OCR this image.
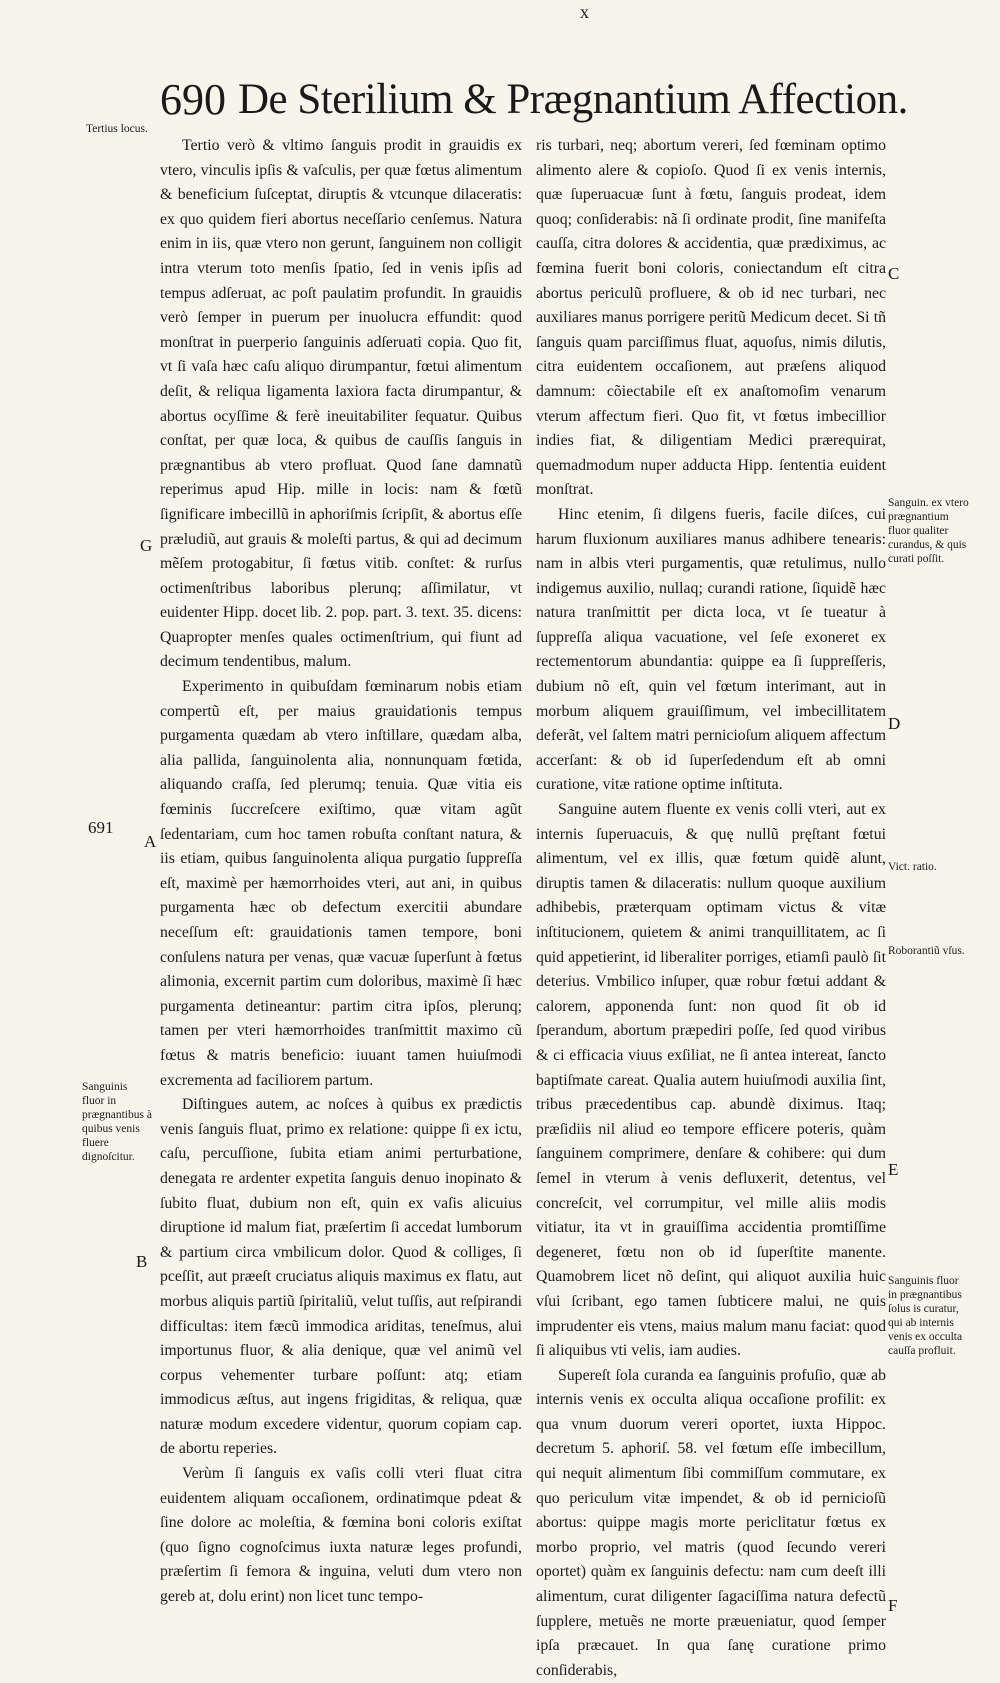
x
690 De Sterilium & Prægnantium Affection.

Tertio verò & vltimo ſanguis prodit in grauidis ex vtero, vinculis ipſis & vaſculis, per quæ fœtus alimentum & beneficium ſuſceptat, diruptis & vtcunque dilaceratis: ex quo quidem fieri abortus neceſſario cenſemus. Natura enim in iis, quæ vtero non gerunt, ſanguinem non colligit intra vterum toto menſis ſpatio, ſed in venis ipſis ad tempus adſeruat, ac poſt paulatim profundit. In grauidis verò ſemper in puerum per inuolucra effundit: quod monſtrat in puerperio ſanguinis adſeruati copia. Quo fit, vt ſi vaſa hæc caſu aliquo dirumpantur, fœtui alimentum deſit, & reliqua ligamenta laxiora facta dirumpantur, & abortus ocyſſime & ferè ineuitabiliter ſequatur. Quibus conſtat, per quæ loca, & quibus de cauſſis ſanguis in prægnantibus ab vtero profluat. Quod ſane damnatũ reperimus apud Hip. mille in locis: nam & fœtũ ſignificare imbecillũ in aphoriſmis ſcripſit, & abortus eſſe præludiũ, aut grauis & moleſti partus, & qui ad decimum mẽſem protogabitur, ſi fœtus vitib. conſtet: & rurſus octimenſtribus laboribus plerunq; aſſimilatur, vt euidenter Hipp. docet lib. 2. pop. part. 3. text. 35. dicens: Quapropter menſes quales octimenſtrium, qui fiunt ad decimum tendentibus, malum.

Experimento in quibuſdam fœminarum nobis etiam compertũ eſt, per maius grauidationis tempus purgamenta quædam ab vtero inſtillare, quædam alba, alia pallida, ſanguinolenta alia, nonnunquam fœtida, aliquando craſſa, ſed plerumq; tenuia. Quæ vitia eis fœminis ſuccreſcere exiſtimo, quæ vitam agũt ſedentariam, cum hoc tamen robuſta conſtant natura, & iis etiam, quibus ſanguinolenta aliqua purgatio ſuppreſſa eſt, maximè per hæmorrhoides vteri, aut ani, in quibus purgamenta hæc ob defectum exercitii abundare neceſſum eſt: grauidationis tamen tempore, boni conſulens natura per venas, quæ vacuæ ſuperſunt à fœtus alimonia, excernit partim cum doloribus, maximè ſi hæc purgamenta detineantur: partim citra ipſos, plerunq; tamen per vteri hæmorrhoides tranſmittit maximo cũ fœtus & matris beneficio: iuuant tamen huiuſmodi excrementa ad faciliorem partum.

Diſtingues autem, ac noſces à quibus ex prædictis venis ſanguis fluat, primo ex relatione: quippe ſi ex ictu, caſu, percuſſione, ſubita etiam animi perturbatione, denegata re ardenter expetita ſanguis denuo inopinato & ſubito fluat, dubium non eſt, quin ex vaſis alicuius diruptione id malum fiat, præſertim ſi accedat lumborum & partium circa vmbilicum dolor. Quod & colliges, ſi pceſſit, aut præeſt cruciatus aliquis maximus ex flatu, aut morbus aliquis partiũ ſpiritaliũ, velut tuſſis, aut reſpirandi difficultas: item fæcũ immodica ariditas, teneſmus, alui importunus fluor, & alia denique, quæ vel animũ vel corpus vehementer turbare poſſunt: atq; etiam immodicus æſtus, aut ingens frigiditas, & reliqua, quæ naturæ modum excedere videntur, quorum copiam cap. de abortu reperies.

Verùm ſi ſanguis ex vaſis colli vteri fluat citra euidentem aliquam occaſionem, ordinatimque pdeat & ſine dolore ac moleſtia, & fœmina boni coloris exiſtat (quo ſigno cognoſcimus iuxta naturæ leges profundi, præſertim ſi femora & inguina, veluti dum vtero non gereb at, dolu erint) non licet tunc tempo-

ris turbari, neq; abortum vereri, ſed fœminam optimo alimento alere & copioſo. Quod ſi ex venis internis, quæ ſuperuacuæ ſunt à fœtu, ſanguis prodeat, idem quoq; conſiderabis: nã ſi ordinate prodit, ſine manifeſta cauſſa, citra dolores & accidentia, quæ prædiximus, ac fœmina fuerit boni coloris, coniectandum eſt citra abortus periculũ profluere, & ob id nec turbari, nec auxiliares manus porrigere peritũ Medicum decet. Si tñ ſanguis quam parciſſimus fluat, aquoſus, nimis dilutis, citra euidentem occaſionem, aut præſens aliquod damnum: cõiectabile eſt ex anaſtomoſim venarum vterum affectum fieri. Quo fit, vt fœtus imbecillior indies fiat, & diligentiam Medici prærequirat, quemadmodum nuper adducta Hipp. ſententia euident monſtrat.

Hinc etenim, ſi dilgens fueris, facile diſces, cui harum fluxionum auxiliares manus adhibere tenearis: nam in albis vteri purgamentis, quæ retulimus, nullo indigemus auxilio, nullaq; curandi ratione, ſiquidẽ hæc natura tranſmittit per dicta loca, vt ſe tueatur à ſuppreſſa aliqua vacuatione, vel ſeſe exoneret ex rectementorum abundantia: quippe ea ſi ſuppreſſeris, dubium nõ eſt, quin vel fœtum interimant, aut in morbum aliquem grauiſſimum, vel imbecillitatem deferãt, vel ſaltem matri pernicioſum aliquem affectum accerſant: & ob id ſuperſedendum eſt ab omni curatione, vitæ ratione optime inſtituta.

Sanguine autem fluente ex venis colli vteri, aut ex internis ſuperuacuis, & quę nullũ pręſtant fœtui alimentum, vel ex illis, quæ fœtum quidẽ alunt, diruptis tamen & dilaceratis: nullum quoque auxilium adhibebis, præterquam optimam victus & vitæ inſtitucionem, quietem & animi tranquillitatem, ac ſi quid appetierint, id liberaliter porriges, etiamſi paulò ſit deterius. Vmbilico inſuper, quæ robur fœtui addant & calorem, apponenda ſunt: non quod ſit ob id ſperandum, abortum præpediri poſſe, ſed quod viribus & ci efficacia viuus exſiliat, ne ſi antea intereat, ſancto baptiſmate careat. Qualia autem huiuſmodi auxilia ſint, tribus præcedentibus cap. abundè diximus. Itaq; præſidiis nil aliud eo tempore efficere poteris, quàm ſanguinem comprimere, denſare & cohibere: qui dum ſemel in vterum à venis defluxerit, detentus, vel concreſcit, vel corrumpitur, vel mille aliis modis vitiatur, ita vt in grauiſſima accidentia promtiſſime degeneret, fœtu non ob id ſuperſtite manente. Quamobrem licet nõ deſint, qui aliquot auxilia huic vſui ſcribant, ego tamen ſubticere malui, ne quis imprudenter eis vtens, maius malum manu faciat: quod ſi aliquibus vti velis, iam audies.

Supereſt ſola curanda ea ſanguinis profuſio, quæ ab internis venis ex occulta aliqua occaſione profilit: ex qua vnum duorum vereri oportet, iuxta Hippoc. decretum 5. aphoriſ. 58. vel fœtum eſſe imbecillum, qui nequit alimentum ſibi commiſſum commutare, ex quo periculum vitæ impendet, & ob id pernicioſũ abortus: quippe magis morte periclitatur fœtus ex morbo proprio, vel matris (quod ſecundo vereri oportet) quàm ex ſanguinis defectu: nam cum deeſt illi alimentum, curat diligenter ſagaciſſima natura defectũ ſupplere, metuẽs ne morte præueniatur, quod ſemper ipſa præcauet. In qua ſanę curatione primo conſiderabis,

Tertius locus.
Sanguinis fluor in prægnantibus à quibus venis fluere dignoſcitur.
Sanguin. ex vtero prægnantium fluor qualiter curandus, & quis curati poſſit.
Vict. ratio.
Roborantiũ vſus.
Sanguinis fluor in prægnantibus ſolus is curatur, qui ab internis venis ex occulta cauſſa profluit.
A
B
C
D
E
F
G
691
